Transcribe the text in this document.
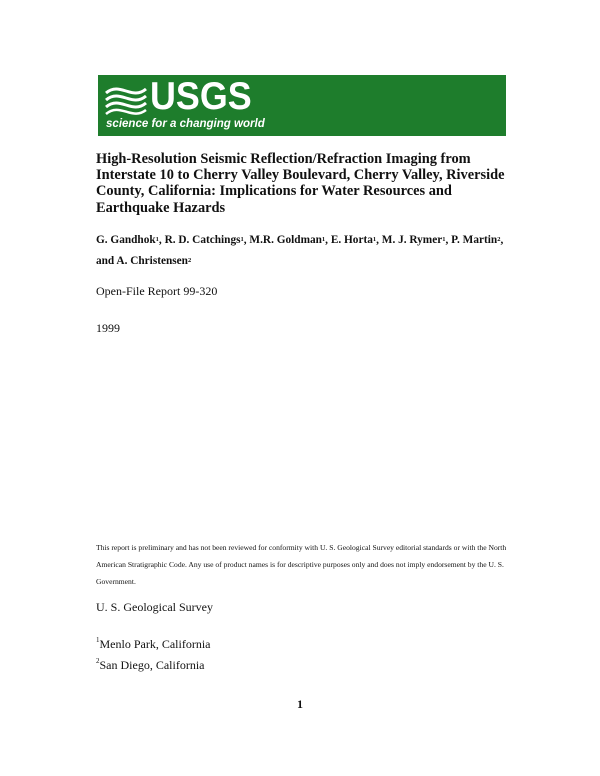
USGS
science for a changing world
High-Resolution Seismic Reflection/Refraction Imaging from Interstate 10 to Cherry Valley Boulevard, Cherry Valley, Riverside County, California: Implications for Water Resources and Earthquake Hazards
G. Gandhok$^1$, R. D. Catchings$^1$, M.R. Goldman$^1$, E. Horta$^1$, M. J. Rymer$^1$, P. Martin$^2$,
and A. Christensen$^2$
Open-File Report 99-320
1999
This report is preliminary and has not been reviewed for conformity with U. S. Geological Survey editorial standards or with the North American Stratigraphic Code. Any use of product names is for descriptive purposes only and does not imply endorsement by the U. S. Government.
U. S. Geological Survey
$^1$Menlo Park, California
$^2$San Diego, California
1
